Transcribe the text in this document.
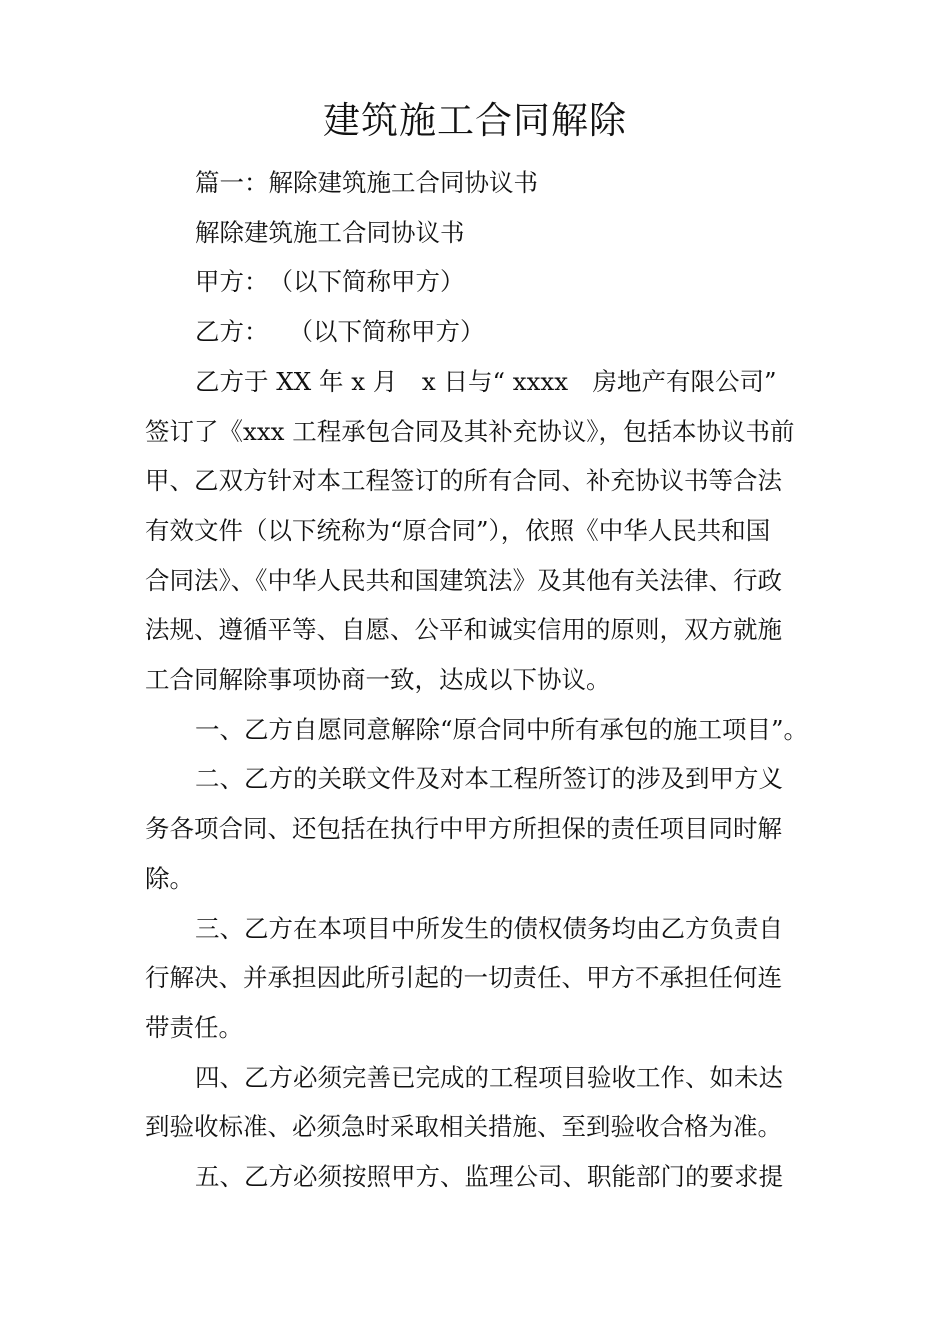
建筑施工合同解除
篇一：解除建筑施工合同协议书
解除建筑施工合同协议书
甲方：　（以下简称甲方）
乙方：　 （以下简称甲方）
乙方于 XX 年 x 月　x 日与“ xxxx　房地产有限公司”
签订了《xxx 工程承包合同及其补充协议》，包括本协议书前
甲、乙双方针对本工程签订的所有合同、补充协议书等合法
有效文件（以下统称为“原合同”），依照《中华人民共和国
合同法》、《中华人民共和国建筑法》及其他有关法律、行政
法规、遵循平等、自愿、公平和诚实信用的原则，双方就施
工合同解除事项协商一致，达成以下协议。
一、乙方自愿同意解除“原合同中所有承包的施工项目”。
二、乙方的关联文件及对本工程所签订的涉及到甲方义
务各项合同、还包括在执行中甲方所担保的责任项目同时解
除。
三、乙方在本项目中所发生的债权债务均由乙方负责自
行解决、并承担因此所引起的一切责任、甲方不承担任何连
带责任。
四、乙方必须完善已完成的工程项目验收工作、如未达
到验收标准、必须急时采取相关措施、至到验收合格为准。
五、乙方必须按照甲方、监理公司、职能部门的要求提
